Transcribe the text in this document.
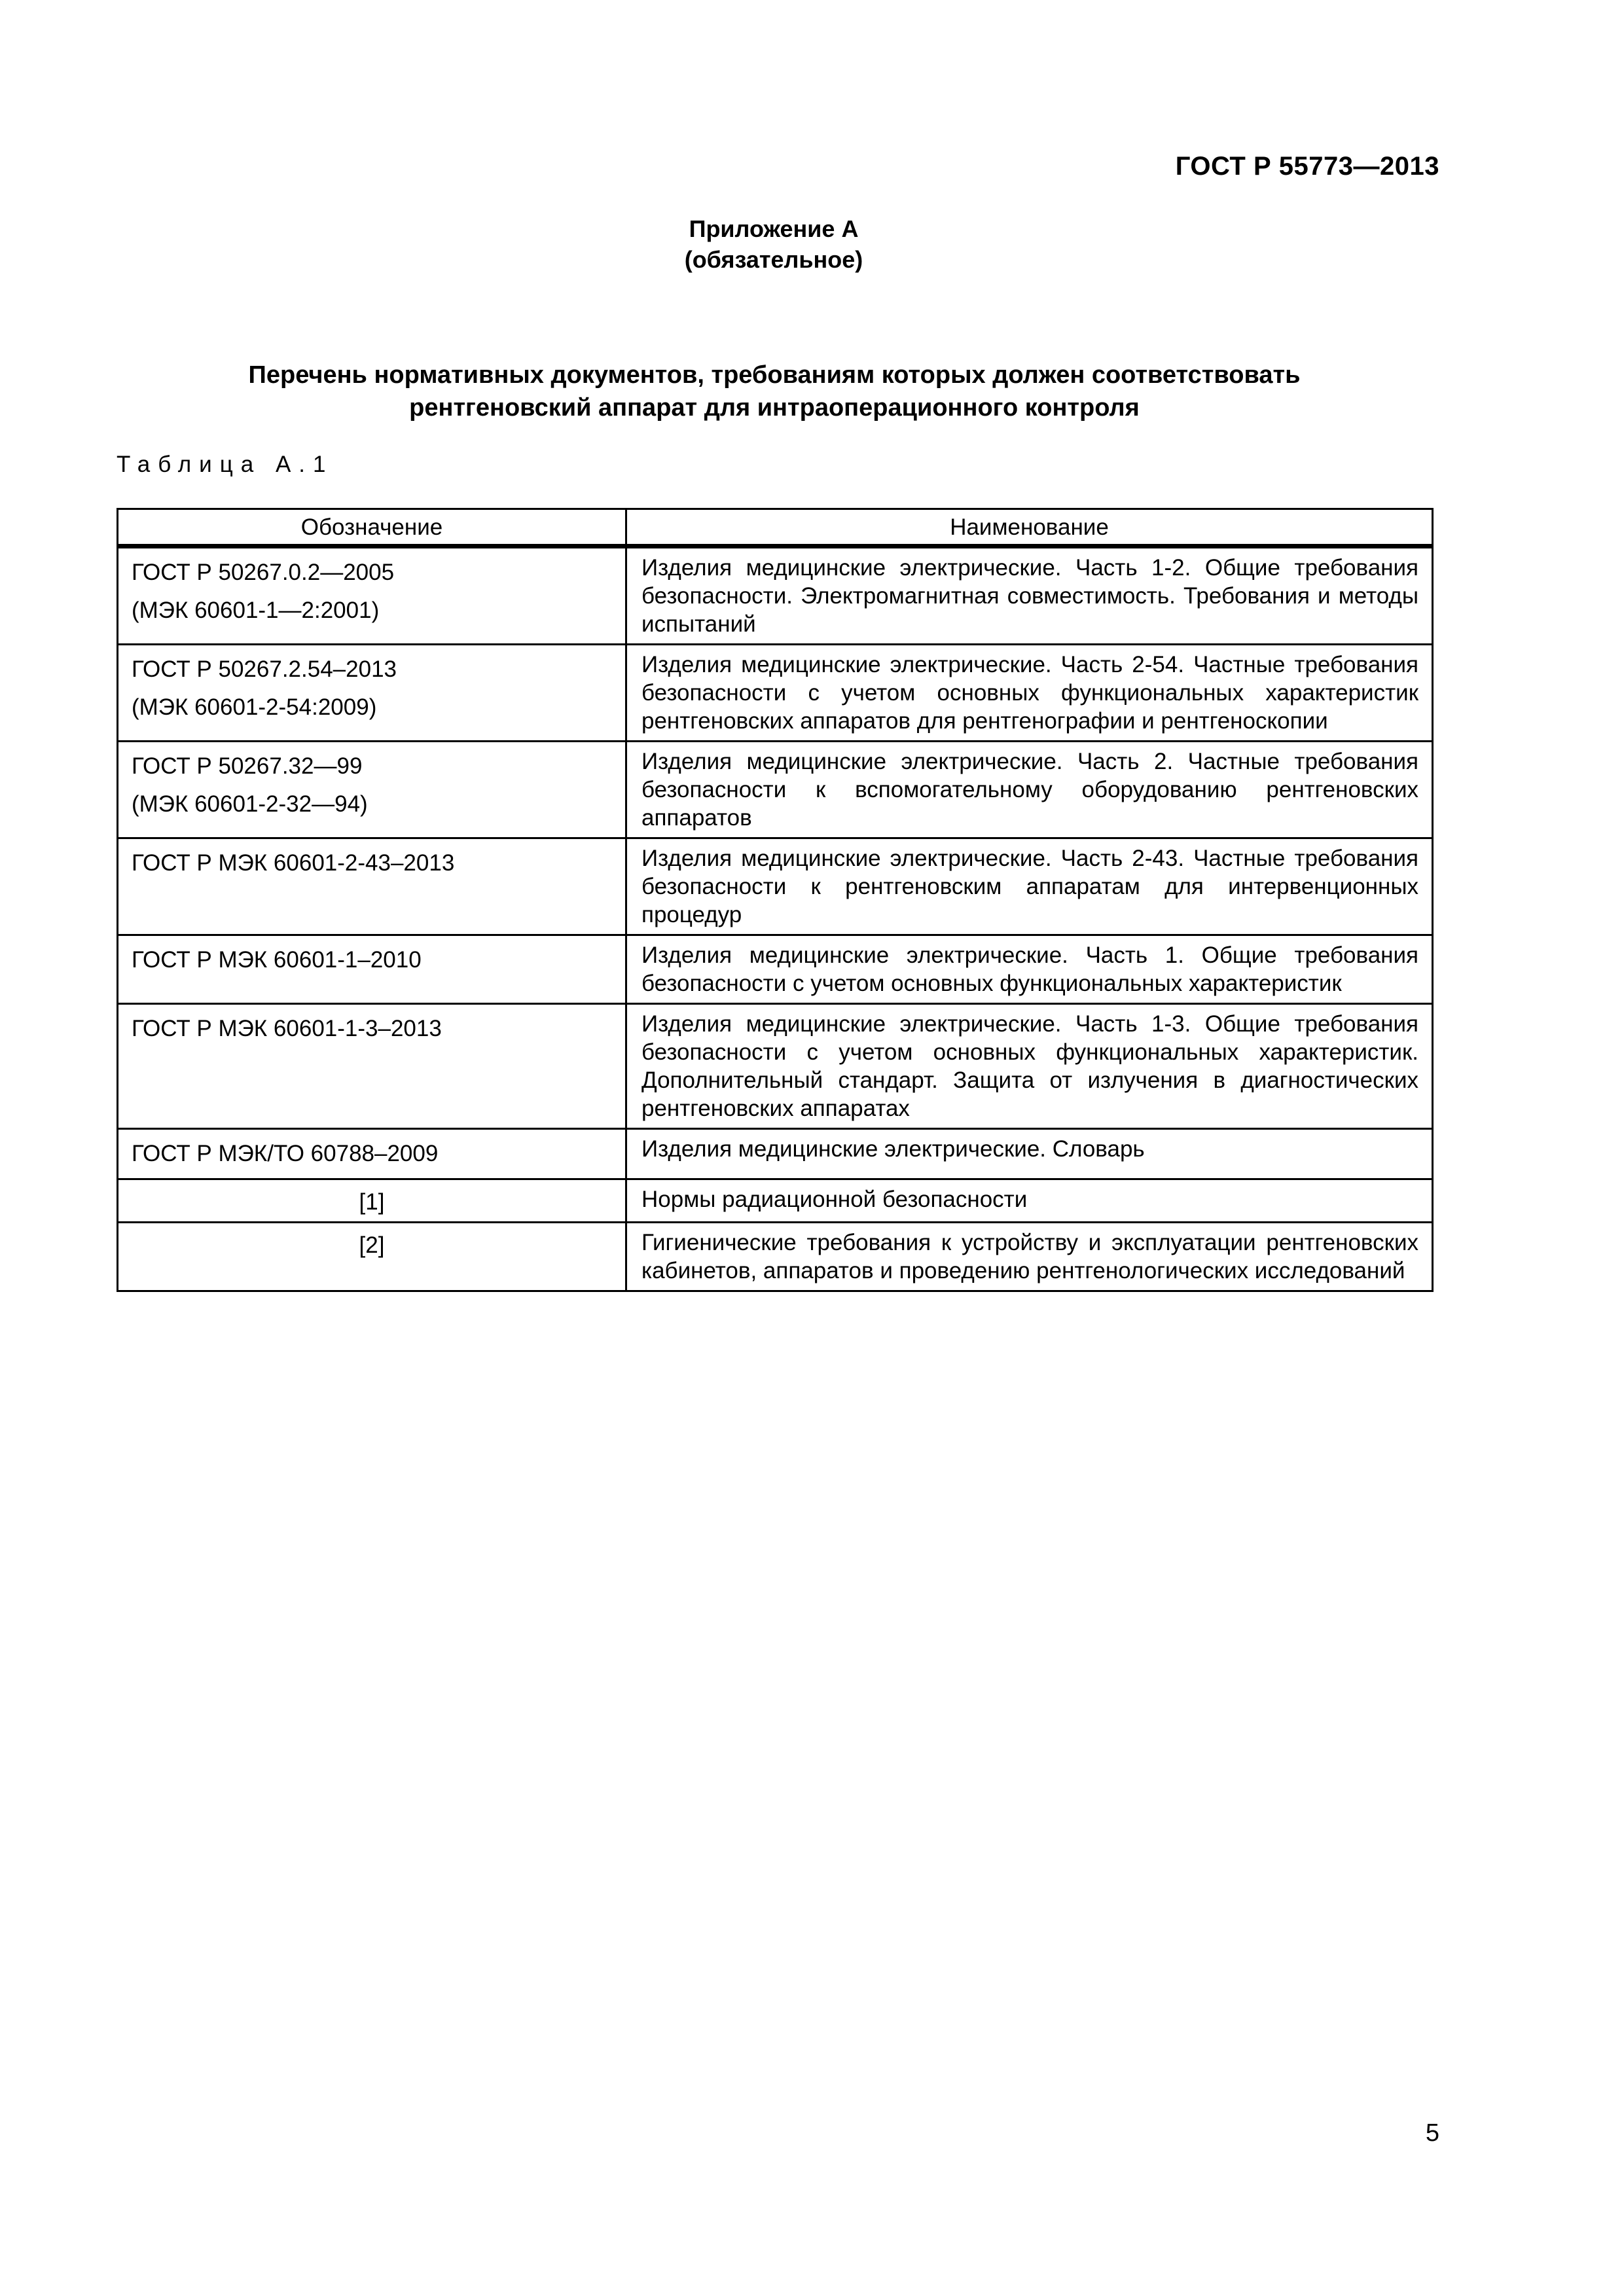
ГОСТ Р 55773—2013
Приложение А
(обязательное)
Перечень нормативных документов, требованиям которых должен соответствовать
рентгеновский аппарат для интраоперационного контроля
Таблица А.1
Обозначение	Наименование

ГОСТ Р 50267.0.2—2005
(МЭК 60601-1—2:2001)	Изделия медицинские электрические. Часть 1-2. Общие требования безопасности. Электромагнитная совместимость. Требования и методы испытаний

ГОСТ Р 50267.2.54–2013
(МЭК 60601-2-54:2009)	Изделия медицинские электрические. Часть 2-54. Частные требования безопасности с учетом основных функциональных характеристик рентгеновских аппаратов для рентгенографии и рентгеноскопии

ГОСТ Р 50267.32—99
(МЭК 60601-2-32—94)	Изделия медицинские электрические. Часть 2. Частные требования безопасности к вспомогательному оборудованию рентгеновских аппаратов

ГОСТ Р МЭК 60601-2-43–2013	Изделия медицинские электрические. Часть 2-43. Частные требования безопасности к рентгеновским аппаратам для интервенционных процедур

ГОСТ Р МЭК 60601-1–2010	Изделия медицинские электрические. Часть 1. Общие требования безопасности с учетом основных функциональных характеристик

ГОСТ Р МЭК 60601-1-3–2013	Изделия медицинские электрические. Часть 1-3. Общие требования безопасности с учетом основных функциональных характеристик. Дополнительный стандарт. Защита от излучения в диагностических рентгеновских аппаратах

ГОСТ Р МЭК/ТО 60788–2009	Изделия медицинские электрические. Словарь

[1]	Нормы радиационной безопасности

[2]	Гигиенические требования к устройству и эксплуатации рентгеновских кабинетов, аппаратов и проведению рентгенологических исследований
5
